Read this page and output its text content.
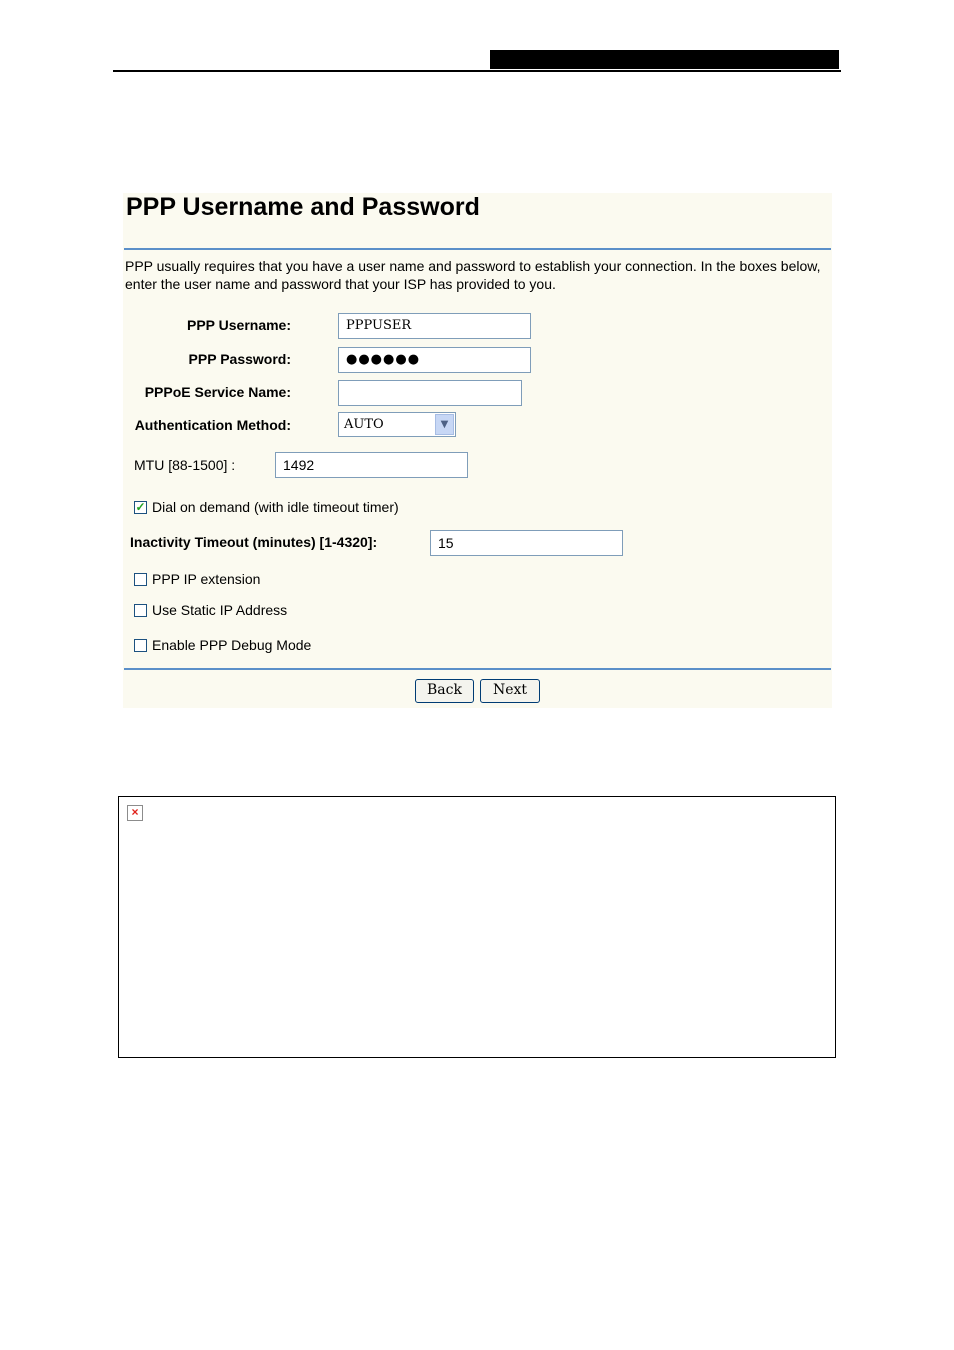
PPP Username and Password
PPP usually requires that you have a user name and password to establish your connection. In the boxes below, enter the user name and password that your ISP has provided to you.
PPP Username:	PPPUSER
PPP Password:	●●●●●●
PPPoE Service Name:
Authentication Method:	AUTO	▼
MTU [88-1500] :	1492
✓ Dial on demand (with idle timeout timer)
Inactivity Timeout (minutes) [1-4320]:	15
PPP IP extension
Use Static IP Address
Enable PPP Debug Mode
Back	Next
×
